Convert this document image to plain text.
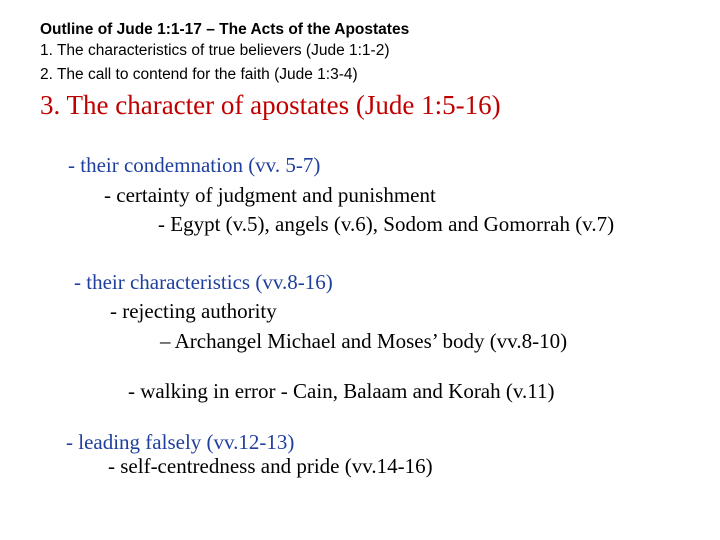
Outline of Jude 1:1-17 – The Acts of the Apostates

1. The characteristics of true believers (Jude 1:1-2)

2. The call to contend for the faith (Jude 1:3-4)

3. The character of apostates (Jude 1:5-16)

- their condemnation (vv. 5-7)

- certainty of judgment and punishment

- Egypt (v.5), angels (v.6), Sodom and Gomorrah (v.7)

- their characteristics (vv.8-16)

- rejecting authority

– Archangel Michael and Moses’ body (vv.8-10)

- walking in error - Cain, Balaam and Korah (v.11)

- leading falsely (vv.12-13)

- self-centredness and pride (vv.14-16)
